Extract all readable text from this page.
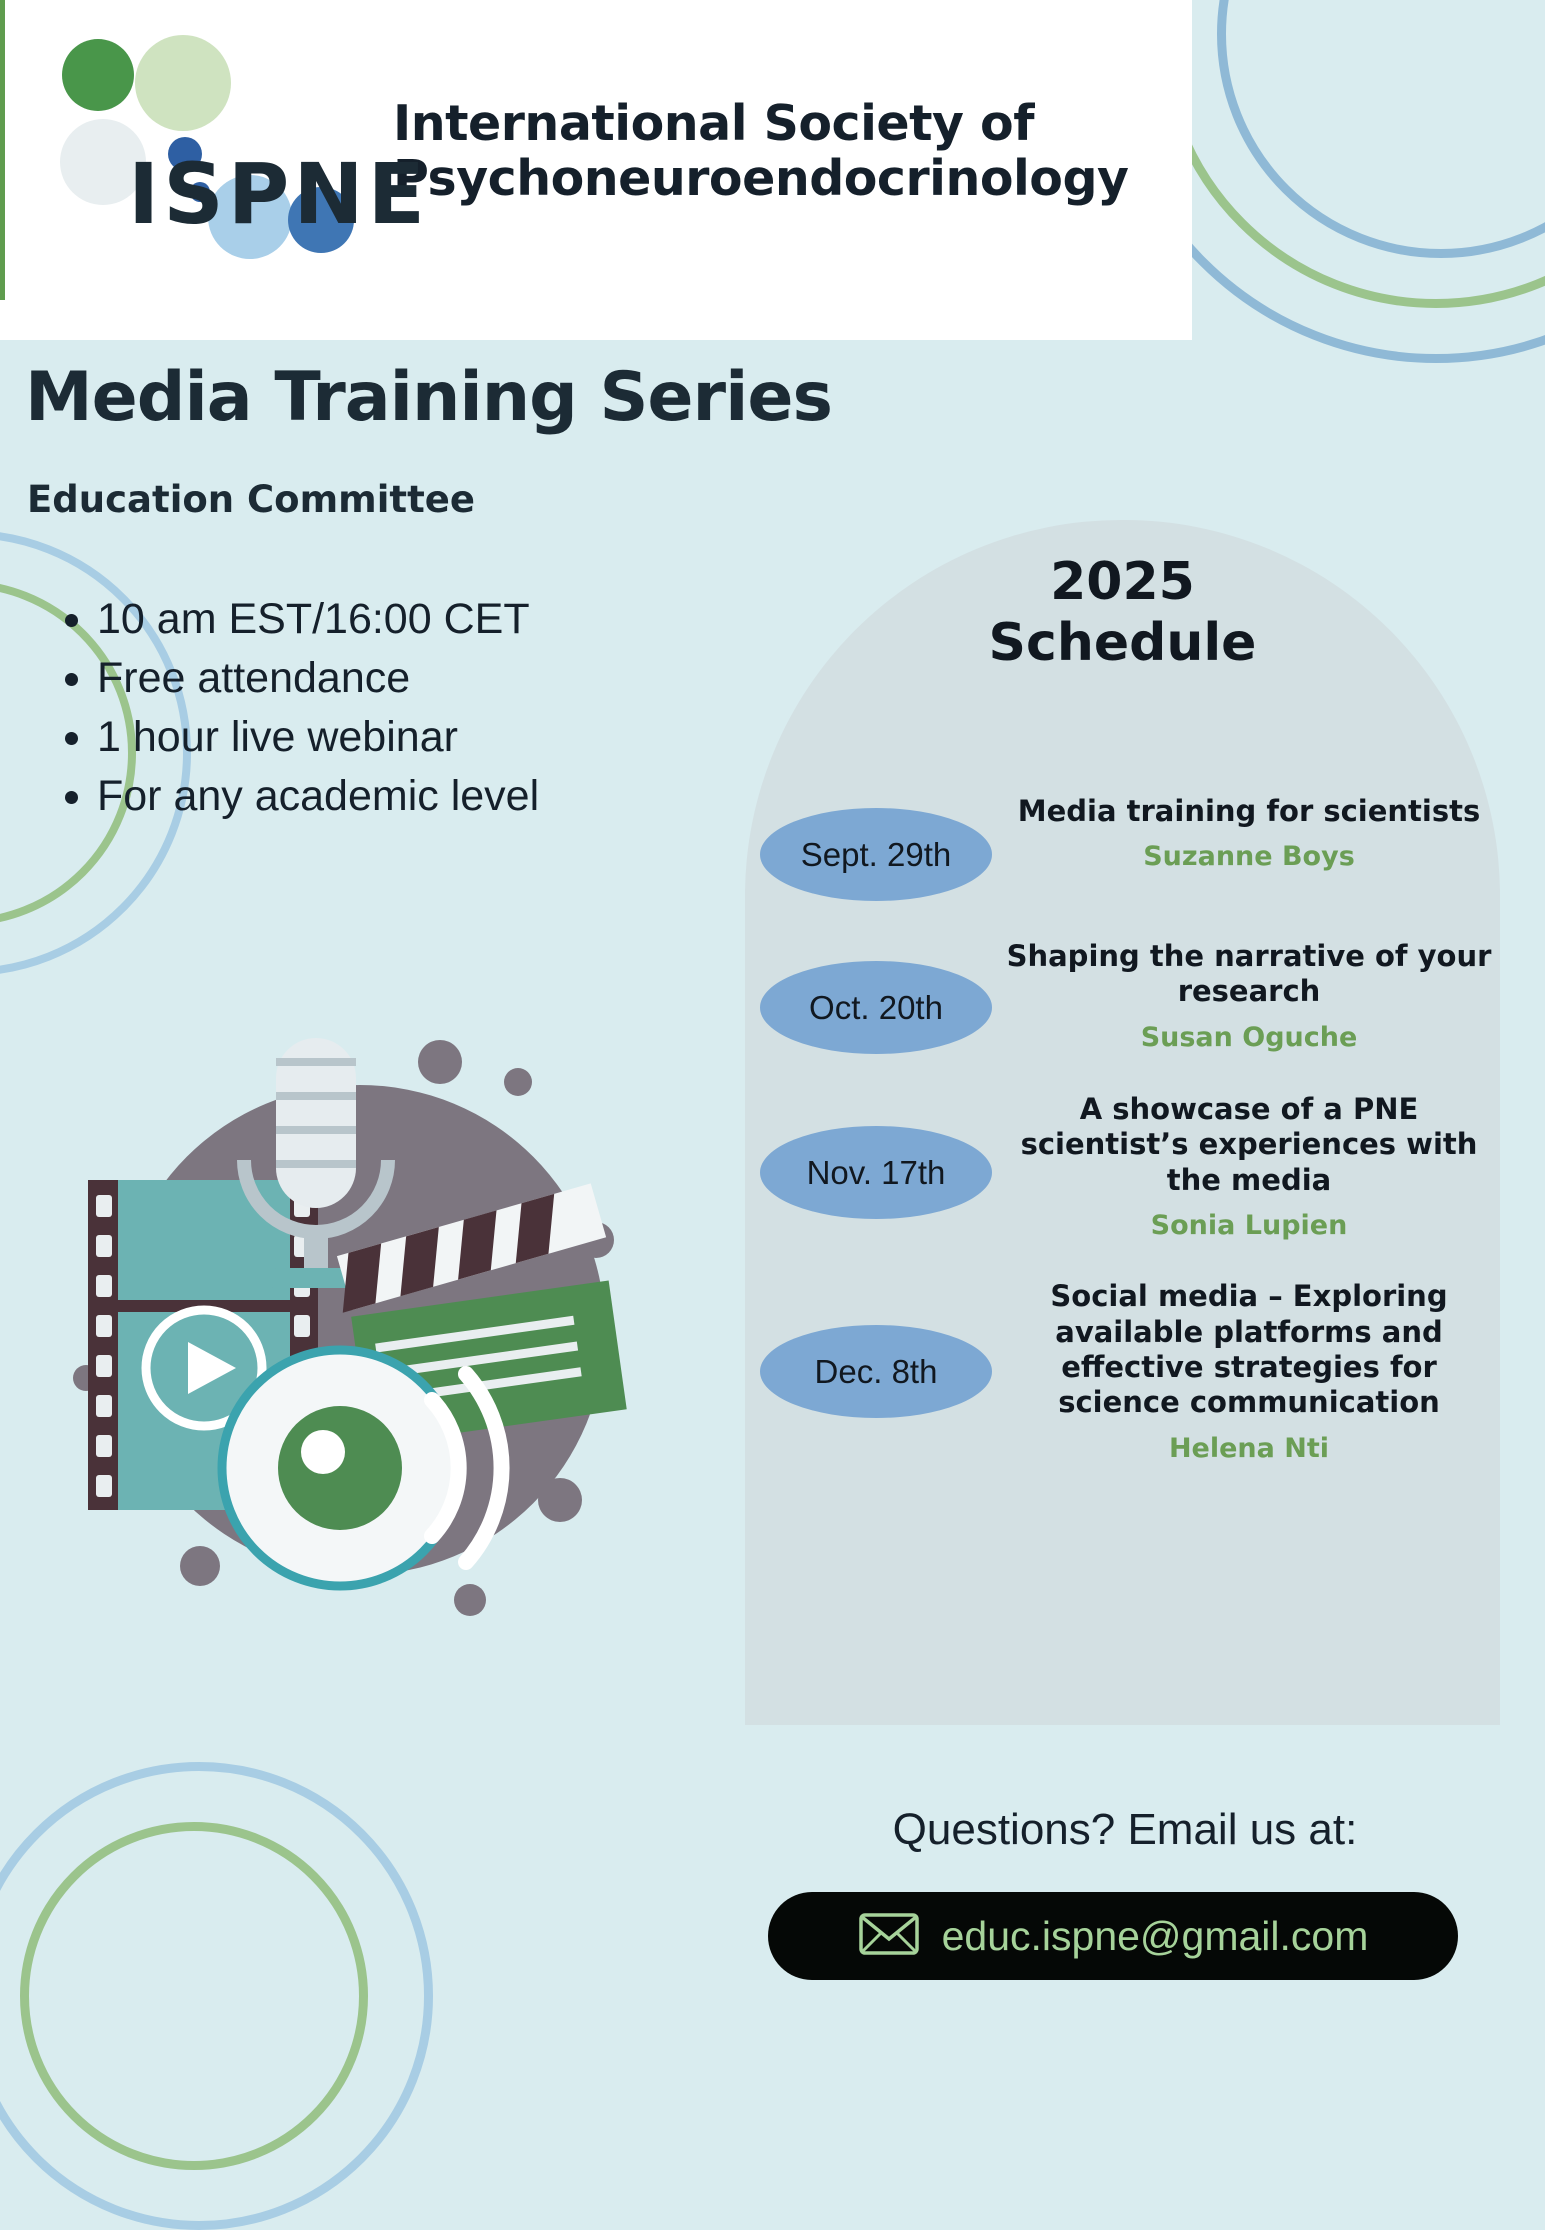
ISPNE
International Society of
Psychoneuroendocrinology
Media Training Series
Education Committee
10 am EST/16:00 CET
Free attendance
1 hour live webinar
For any academic level
2025
Schedule
Sept. 29th
Media training for scientists
Suzanne Boys
Oct. 20th
Shaping the narrative of your research
Susan Oguche
Nov. 17th
A showcase of a PNE scientist’s experiences with the media
Sonia Lupien
Dec. 8th
Social media – Exploring available platforms and effective strategies for science communication
Helena Nti
Questions? Email us at:
educ.ispne@gmail.com
